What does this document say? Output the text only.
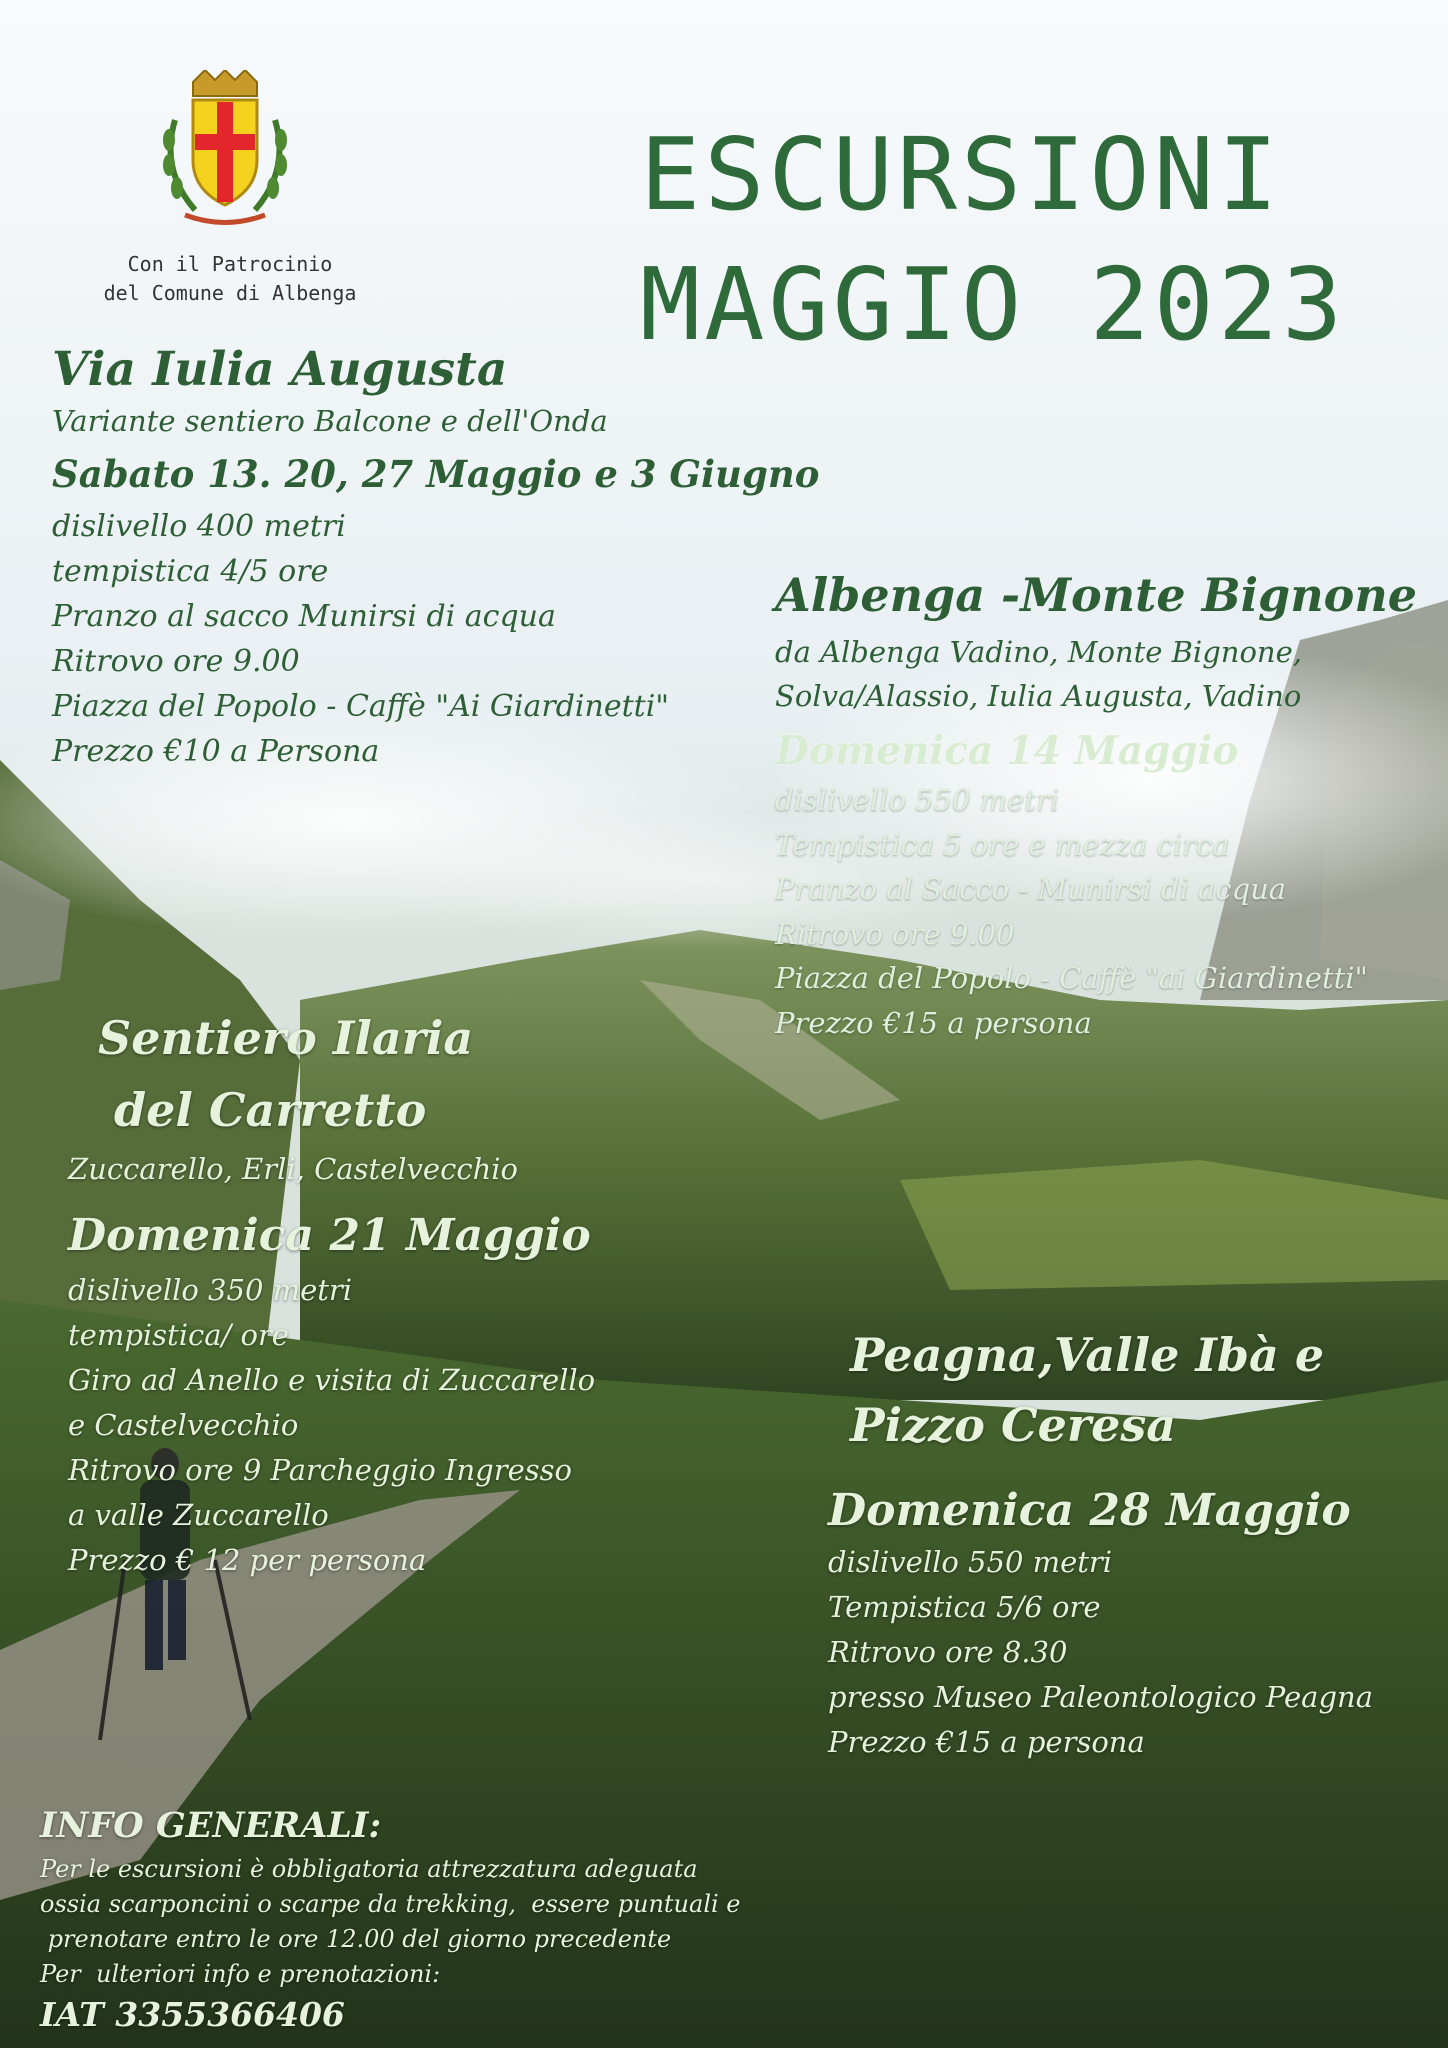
Con il Patrocinio
del Comune di Albenga
ESCURSIONI
MAGGIO 2023
Via Iulia Augusta
Variante sentiero Balcone e dell'Onda
Sabato 13. 20, 27 Maggio e 3 Giugno
dislivello 400 metri
tempistica 4/5 ore
Pranzo al sacco Munirsi di acqua
Ritrovo ore 9.00
Piazza del Popolo - Caffè "Ai Giardinetti"
Prezzo €10 a Persona
Albenga -Monte Bignone
da Albenga Vadino, Monte Bignone,
Solva/Alassio, Iulia Augusta, Vadino
Domenica 14 Maggio
dislivello 550 metri
Tempistica 5 ore e mezza circa
Pranzo al Sacco - Munirsi di acqua
Ritrovo ore 9.00
Piazza del Popolo - Caffè "ai Giardinetti"
Prezzo €15 a persona
Sentiero Ilaria
del Carretto
Zuccarello, Erli, Castelvecchio
Domenica 21 Maggio
dislivello 350 metri
tempistica/ ore
Giro ad Anello e visita di Zuccarello
e Castelvecchio
Ritrovo ore 9 Parcheggio Ingresso
a valle Zuccarello
Prezzo € 12 per persona
Peagna,Valle Ibà e
Pizzo Ceresa
Domenica 28 Maggio
dislivello 550 metri
Tempistica 5/6 ore
Ritrovo ore 8.30
presso Museo Paleontologico Peagna
Prezzo €15 a persona
INFO GENERALI:
Per le escursioni è obbligatoria attrezzatura adeguata
ossia scarponcini o scarpe da trekking,  essere puntuali e
prenotare entro le ore 12.00 del giorno precedente
Per  ulteriori info e prenotazioni:
IAT 3355366406
